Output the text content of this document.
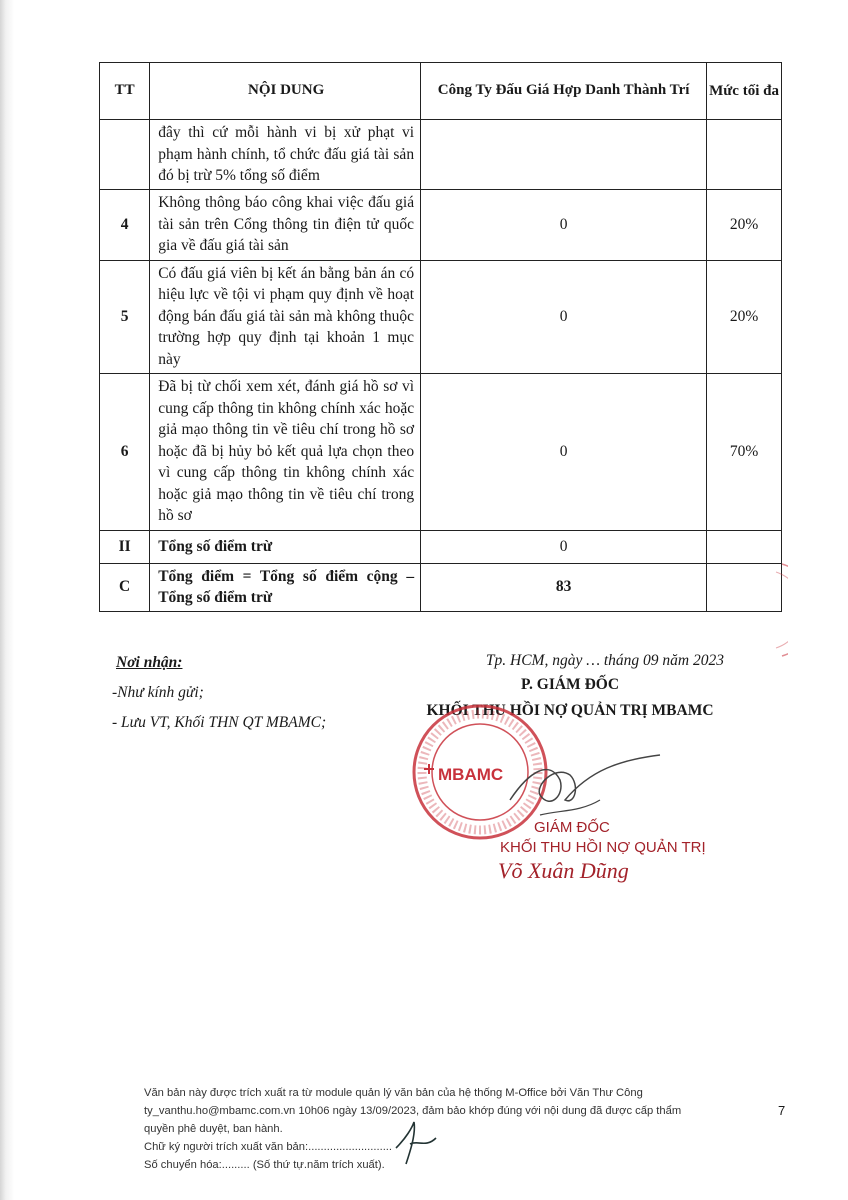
TT	NỘI DUNG	Công Ty Đấu Giá Hợp Danh Thành Trí	Mức tối đa
	đây thì cứ mỗi hành vi bị xử phạt vi phạm hành chính, tổ chức đấu giá tài sản đó bị trừ 5% tổng số điểm		
4	Không thông báo công khai việc đấu giá tài sản trên Cổng thông tin điện tử quốc gia về đấu giá tài sản	0	20%
5	Có đấu giá viên bị kết án bằng bản án có hiệu lực về tội vi phạm quy định về hoạt động bán đấu giá tài sản mà không thuộc trường hợp quy định tại khoản 1 mục này	0	20%
6	Đã bị từ chối xem xét, đánh giá hồ sơ vì cung cấp thông tin không chính xác hoặc giả mạo thông tin về tiêu chí trong hồ sơ hoặc đã bị hủy bỏ kết quả lựa chọn theo vì cung cấp thông tin không chính xác hoặc giả mạo thông tin về tiêu chí trong hồ sơ	0	70%
II	Tổng số điểm trừ	0	
C	Tổng điểm = Tổng số điểm cộng – Tổng số điểm trừ	83	
Nơi nhận:
-Như kính gửi;
- Lưu VT, Khối THN QT MBAMC;
Tp. HCM, ngày … tháng 09 năm 2023
P. GIÁM ĐỐC
KHỐI THU HỒI NỢ QUẢN TRỊ MBAMC
MBAMC
GIÁM ĐỐC
KHỐI THU HỒI NỢ QUẢN TRỊ
Võ Xuân Dũng
Văn bản này được trích xuất ra từ module quản lý văn bản của hệ thống M-Office bởi Văn Thư Công
ty_vanthu.ho@mbamc.com.vn 10h06 ngày 13/09/2023, đảm bảo khớp đúng với nội dung đã được cấp thẩm
quyền phê duyệt, ban hành.
Chữ ký người trích xuất văn bản:...........................
Số chuyển hóa:......... (Số thứ tự.năm trích xuất).
7
